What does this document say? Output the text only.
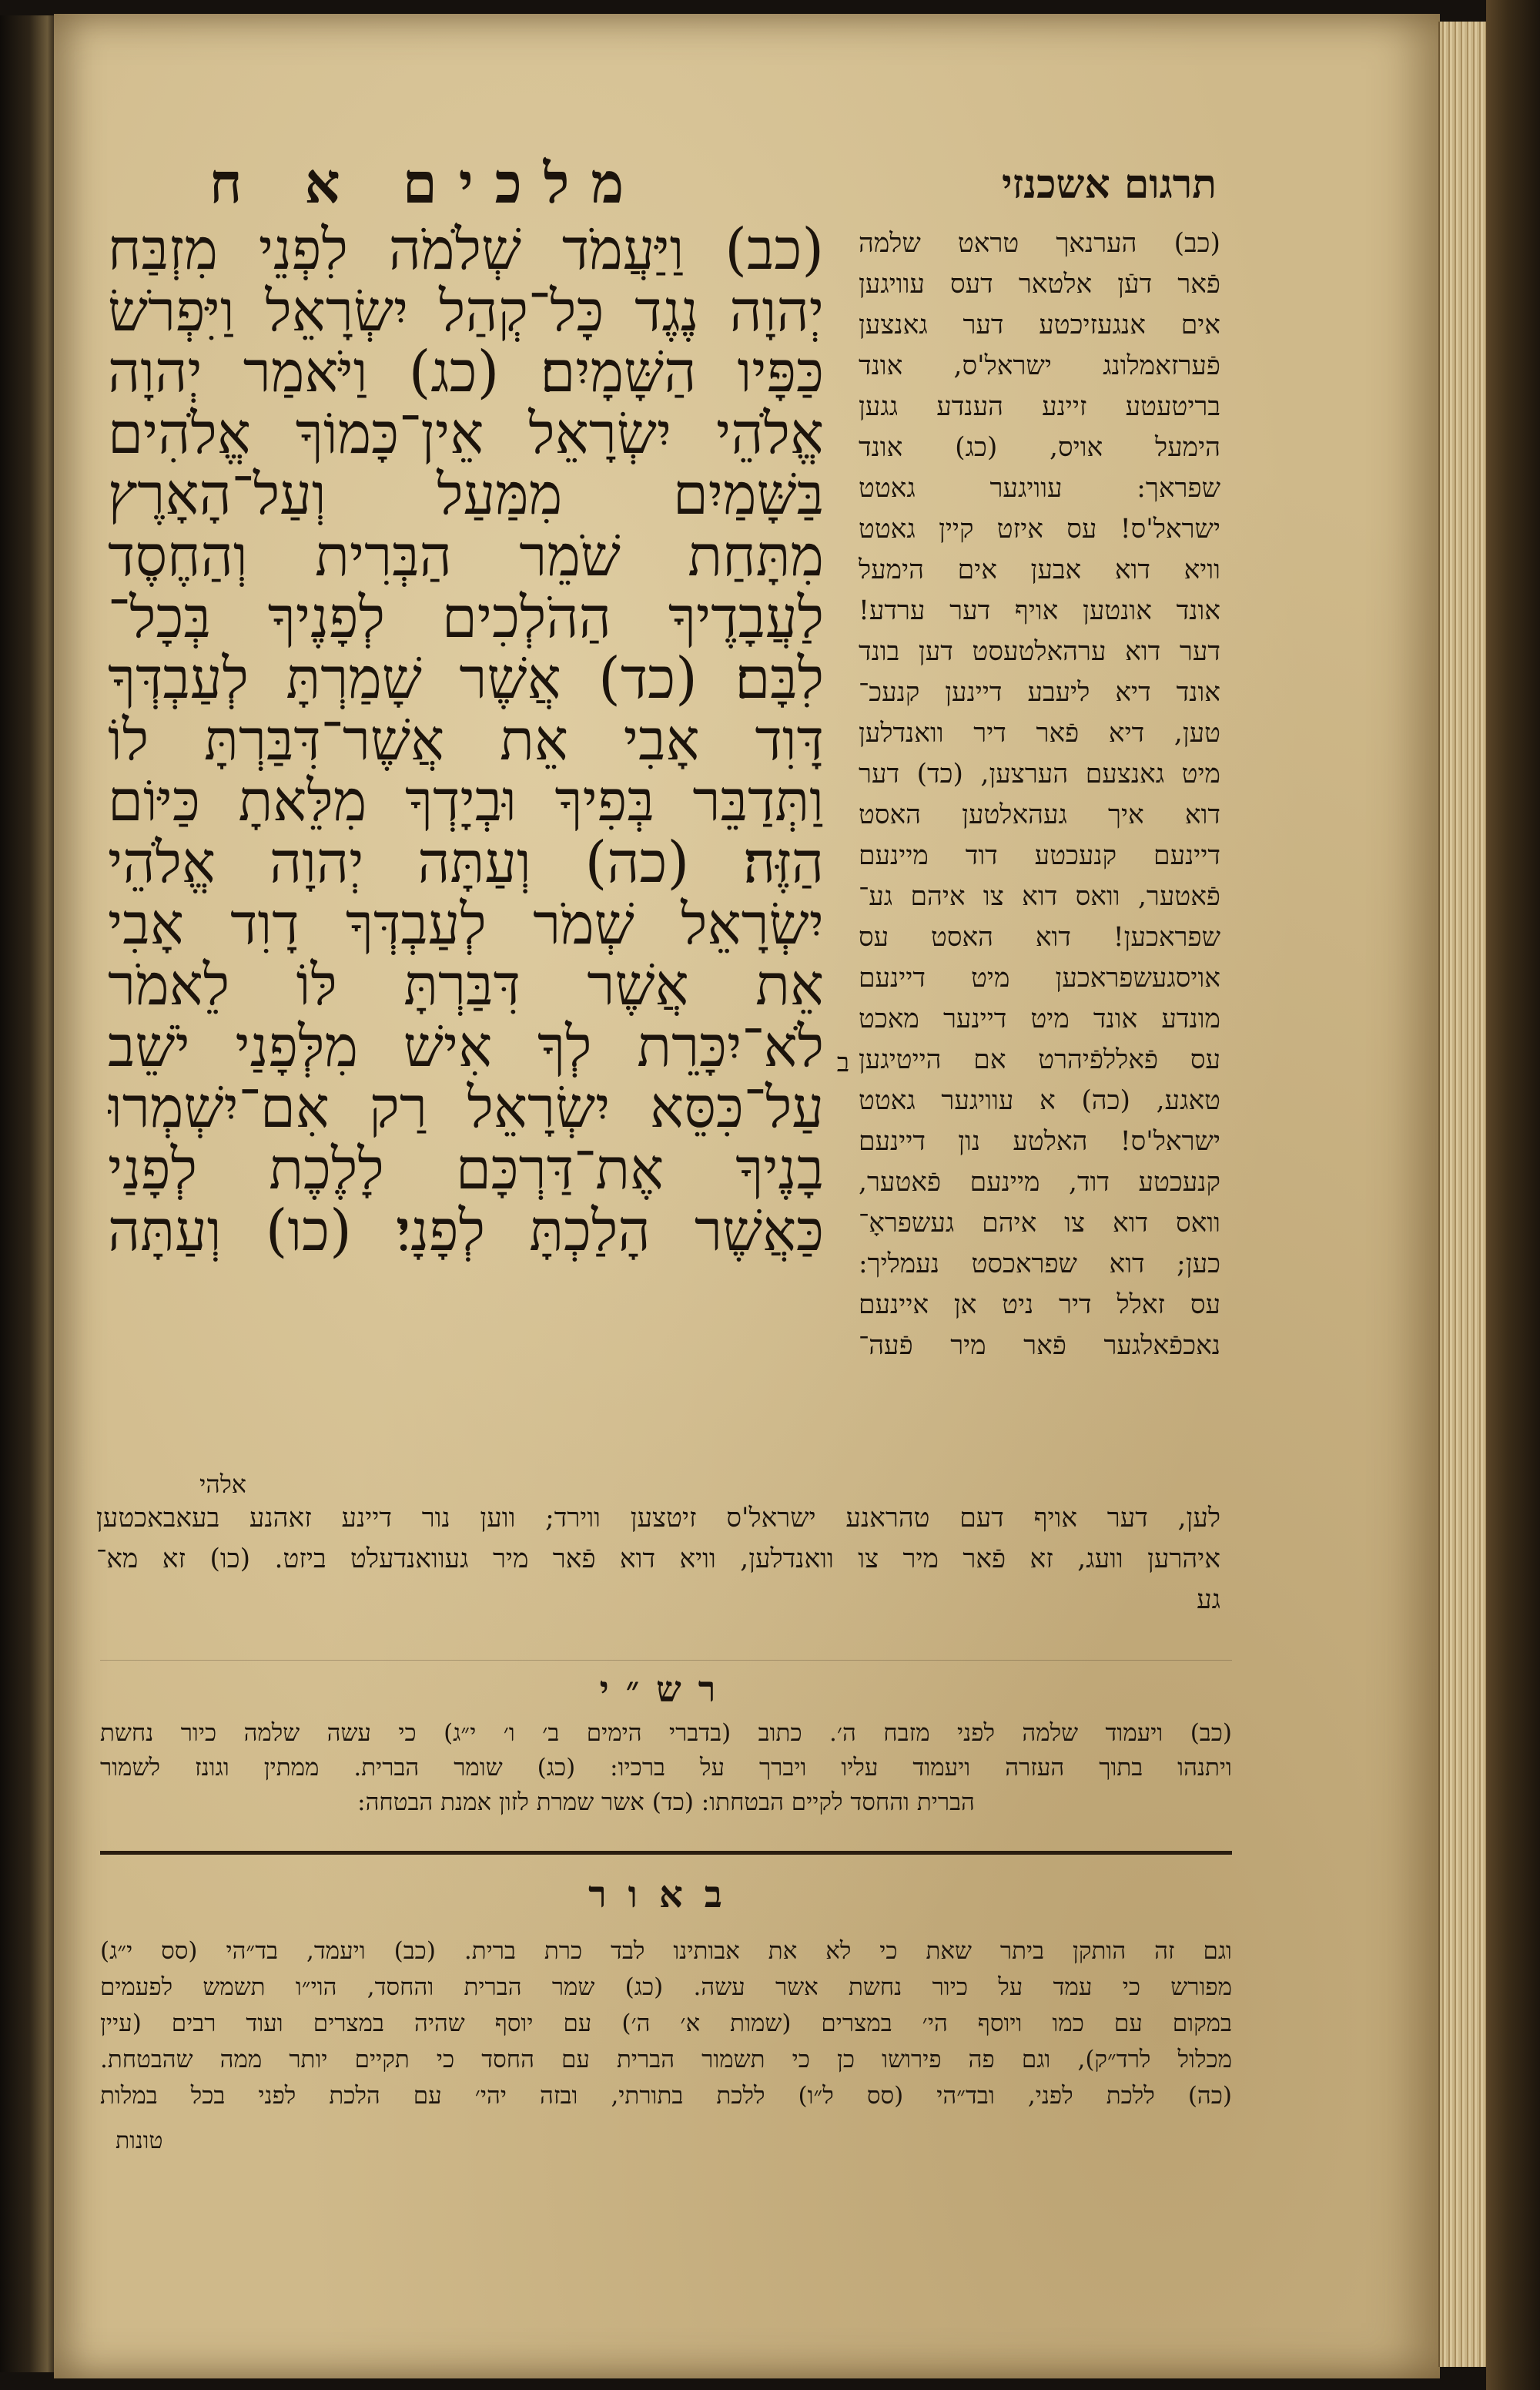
מלכים א ח	תרגום אשכנזי
(כב) וַיַּעֲמֹד שְׁלֹמֹה לִפְנֵי מִזְבַּח
יְהוָה נֶגֶד כָּל־קְהַל יִשְׂרָאֵל וַיִּפְרֹשׂ
כַּפָּיו הַשָּׁמָיִם׃ (כג) וַיֹּאמַר יְהוָה
אֱלֹהֵי יִשְׂרָאֵל אֵין־כָּמוֹךָ אֱלֹהִים
בַּשָּׁמַיִם מִמַּעַל וְעַל־הָאָרֶץ
מִתָּחַת שֹׁמֵר הַבְּרִית וְהַחֶסֶד
לַעֲבָדֶיךָ הַהֹלְכִים לְפָנֶיךָ בְּכָל־
לִבָּם׃ (כד) אֲשֶׁר שָׁמַרְתָּ לְעַבְדְּךָ
דָּוִד אָבִי אֵת אֲשֶׁר־דִּבַּרְתָּ לוֹ
וַתְּדַבֵּר בְּפִיךָ וּבְיָדְךָ מִלֵּאתָ כַּיּוֹם
הַזֶּה׃ (כה) וְעַתָּה יְהוָה אֱלֹהֵי
יִשְׂרָאֵל שְׁמֹר לְעַבְדְּךָ דָוִד אָבִי
אֵת אֲשֶׁר דִּבַּרְתָּ לּוֹ לֵאמֹר
לֹא־יִכָּרֵת לְךָ אִישׁ מִלְּפָנַי יֹשֵׁב
עַל־כִּסֵּא יִשְׂרָאֵל רַק אִם־יִשְׁמְרוּ
בָנֶיךָ אֶת־דַּרְכָּם לָלֶכֶת לְפָנַי
כַּאֲשֶׁר הָלַכְתָּ לְפָנָי׃ (כו) וְעַתָּה
אלהי
ב
(כב) הערנאך טראט שלמה
פֿאר דעֿן אלטאר דעס עוויגען
אים אנגעזיכטע דער גאנצען
פֿערזאמלונג ישראל'ס, אונד
בריטעטע זיינע הענדע גגען
הימעל אויס, (כג) אונד
שפראך: עוויגער גאטט
ישראל'ס! עס איזט קיין גאטט
וויא דוא אבען אים הימעל
אונד אונטען אויף דער ערדע!
דער דוא ערהאלטעסט דען בונד
אונד דיא ליעבע דיינען קנעכ־
טען, דיא פֿאר דיר וואנדלען
מיט גאנצעם הערצען, (כד) דער
דוא איך געהאלטען האסט
דיינעם קנעכטע דוד מיינעם
פֿאטער, וואס דוא צו איהם גע־
שפראכען! דוא האסט עס
אויסגעשפראכען מיט דיינעם
מונדע אונד מיט דיינער מאכט
עס פֿאללפֿיהרט אם הייטיגען
טאגע, (כה) א עוויגער גאטט
ישראל'ס! האלטע נון דיינעם
קנעכטע דוד, מיינעם פֿאטער,
וואס דוא צו איהם געשפראָ־
כען; דוא שפראכסט נעמליך:
עס זאלל דיר ניט אן איינעם
נאכפֿאלגער פֿאר מיר פֿעה־
לען, דער אויף דעם טהראנע ישראל'ס זיטצען ווירד; ווען נור דיינע זאהנע בעאבאכטען
איהרען וועג, זא פֿאר מיר צו וואנדלען, וויא דוא פֿאר מיר געוואנדעלט ביזט. (כו) זא מא־
גע
רש״י
(כב) ויעמוד שלמה לפני מזבח ה׳. כתוב (בדברי הימים ב׳ ו׳ י״ג) כי עשה שלמה כיור נחשת
ויתנהו בתוך העזרה ויעמוד עליו ויברך על ברכיו: (כג) שומר הברית. ממתין וגונז לשמור
הברית והחסד לקיים הבטחתו: (כד) אשר שמרת לזון אמנת הבטחה:
באור
וגם זה הותקן ביתר שאת כי לא את אבותינו לבד כרת ברית. (כב) ויעמד, בד״הי (סס י״ג)
מפורש כי עמד על כיור נחשת אשר עשה. (כג) שמר הברית והחסד, הוי״ו תשמש לפעמים
במקום עם כמו ויוסף הי׳ במצרים (שמות א׳ ה׳) עם יוסף שהיה במצרים ועוד רבים (עיין
מכלול לרד״ק), וגם פה פירושו כן כי תשמור הברית עם החסד כי תקיים יותר ממה שהבטחת.
(כה) ללכת לפני, ובד״הי (סס ל״ו) ללכת בתורתי, ובזה יהי׳ עם הלכת לפני בכל במלות
טונות
